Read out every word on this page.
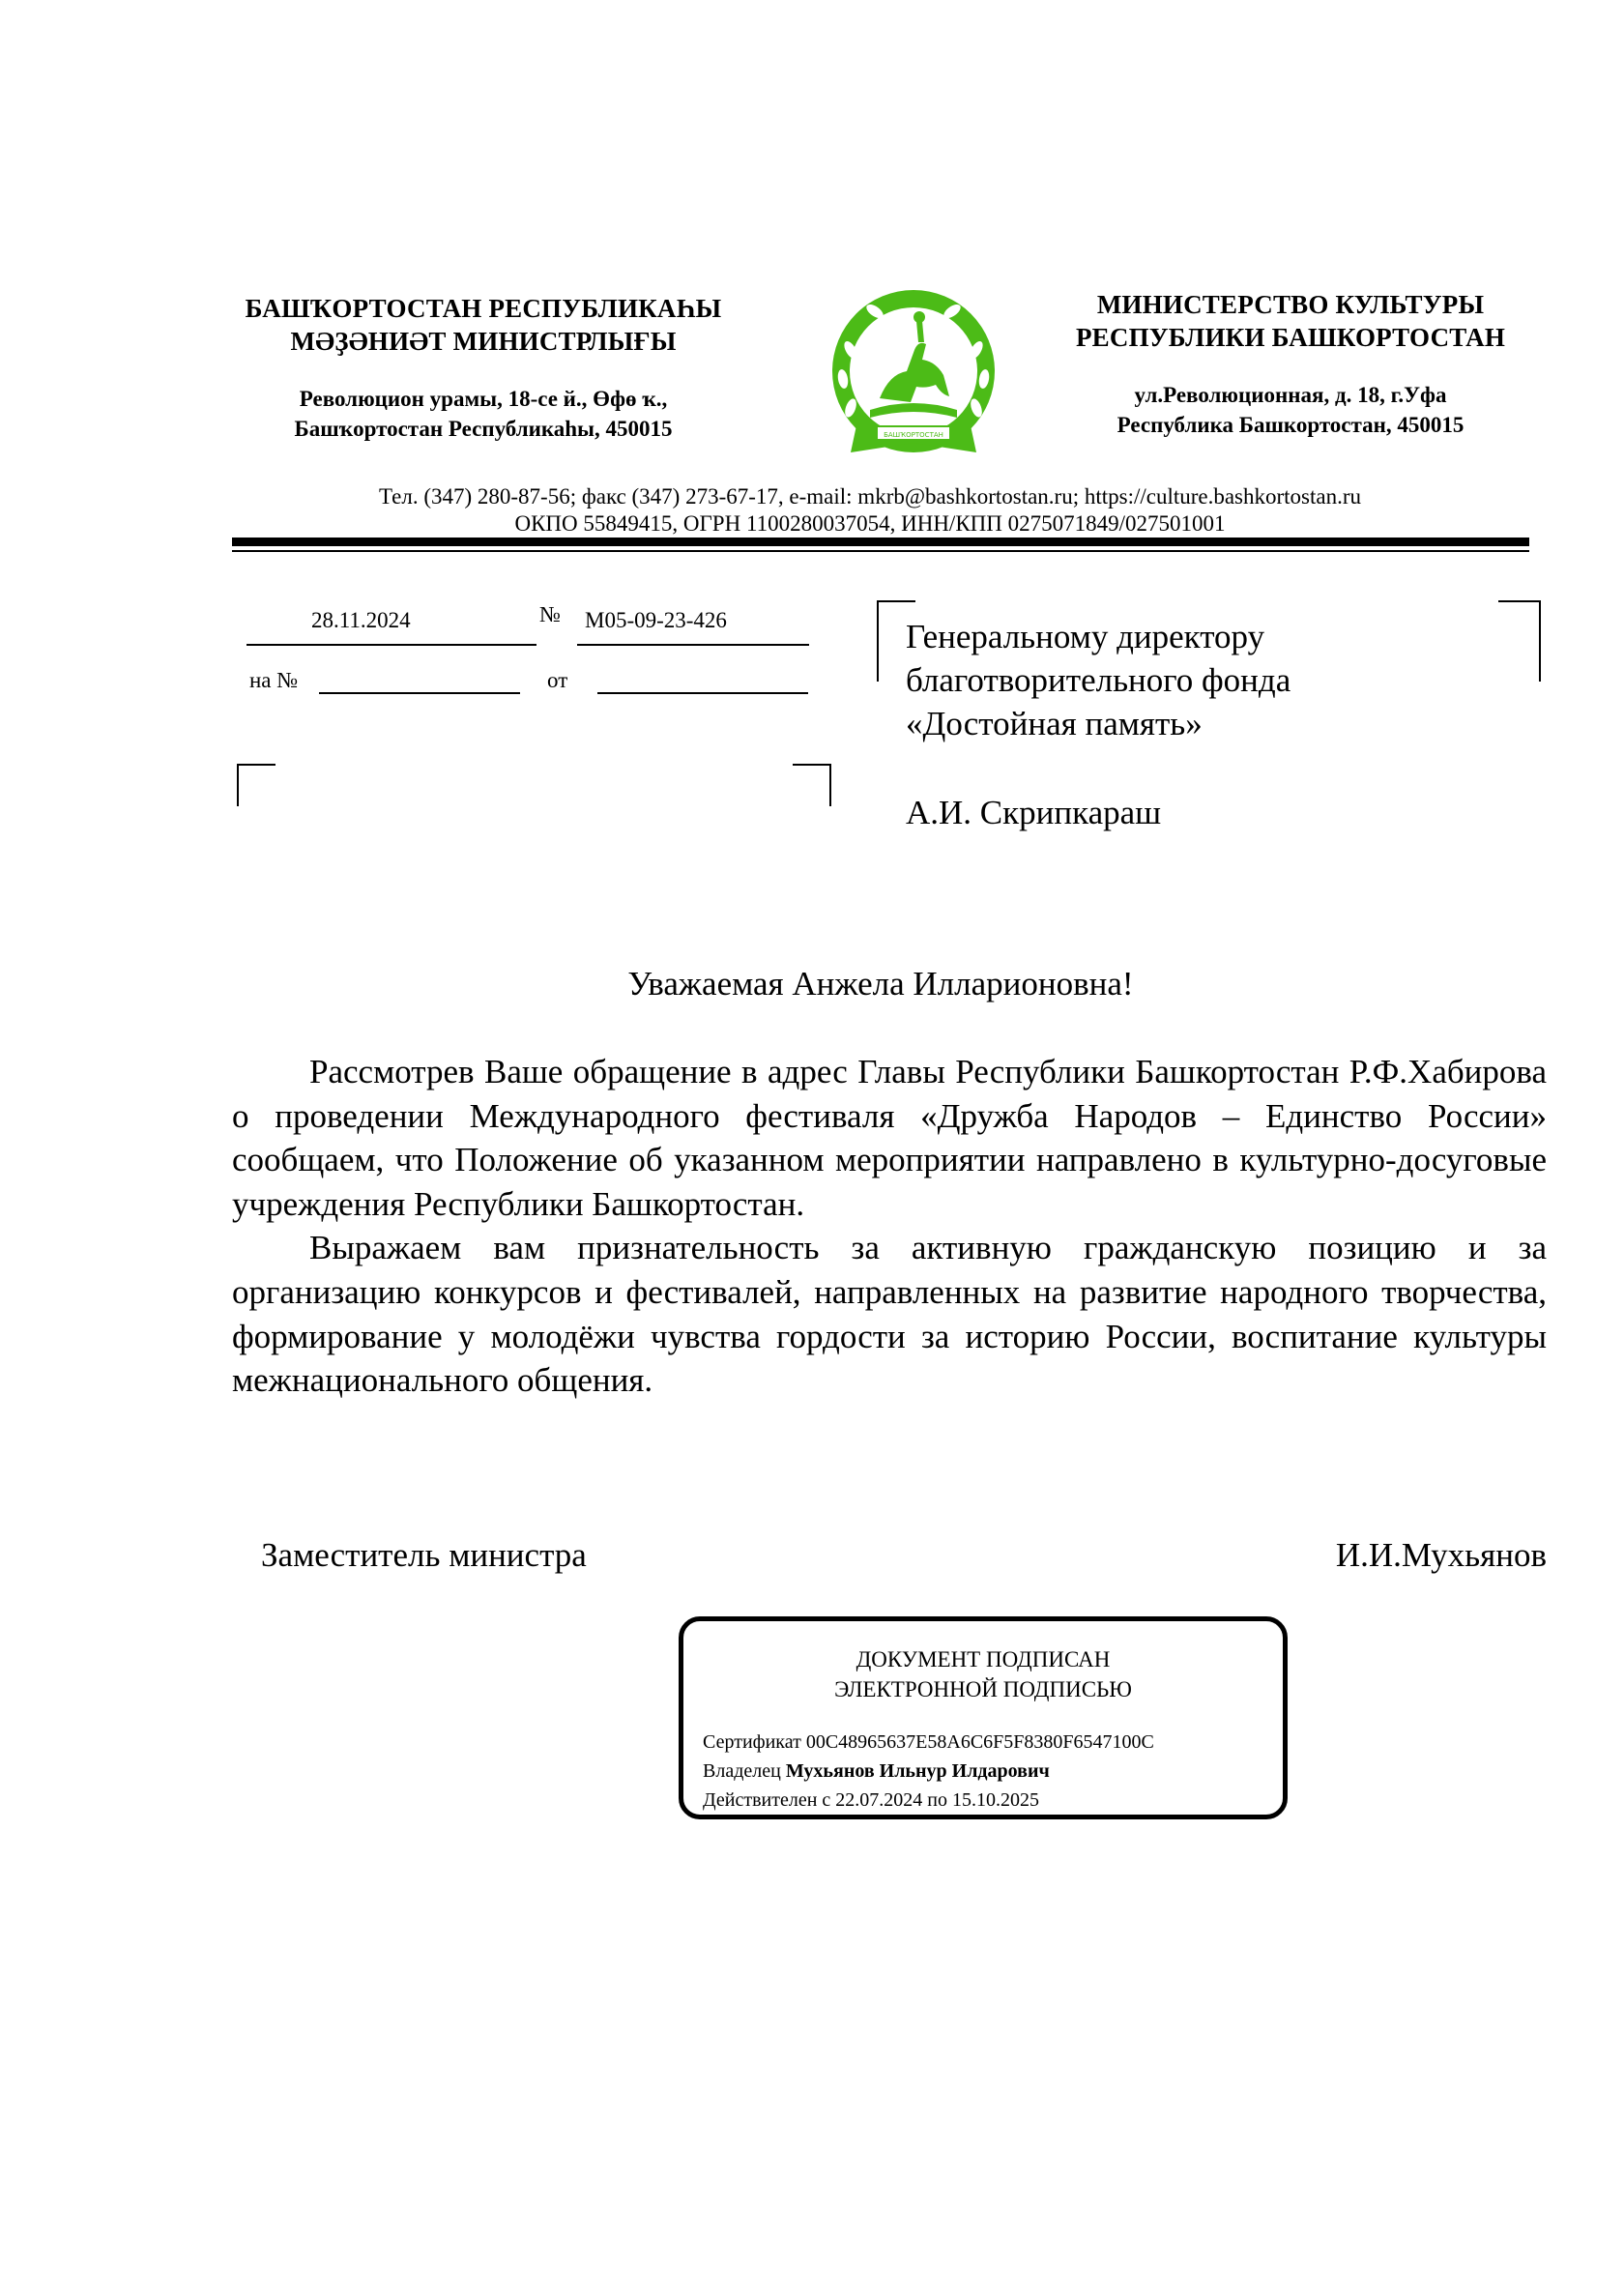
БАШҠОРТОСТАН РЕСПУБЛИКАҺЫ
МӘҘӘНИӘТ МИНИСТРЛЫҒЫ
Революцион урамы, 18-се й., Өфө ҡ.,
Башҡортостан Республикаһы, 450015	БАШҠОРТОСТАН
МИНИСТЕРСТВО КУЛЬТУРЫ
РЕСПУБЛИКИ БАШКОРТОСТАН
ул.Революционная, д. 18, г.Уфа
Республика Башкортостан, 450015
Тел. (347) 280-87-56; факс (347) 273-67-17, e-mail: mkrb@bashkortostan.ru; https://culture.bashkortostan.ru
ОКПО 55849415, ОГРН 1100280037054, ИНН/КПП 0275071849/027501001
28.11.2024	№ М05-09-23-426
на №	от
Генеральному директору
благотворительного фонда
«Достойная память»
А.И. Скрипкараш
Уважаемая Анжела Илларионовна!

Рассмотрев Ваше обращение в адрес Главы Республики Башкортостан Р.Ф.Хабирова о проведении Международного фестиваля «Дружба Народов – Единство России» сообщаем, что Положение об указанном мероприятии направлено в культурно-досуговые учреждения Республики Башкортостан.

Выражаем вам признательность за активную гражданскую позицию и за организацию конкурсов и фестивалей, направленных на развитие народного творчества, формирование у молодёжи чувства гордости за историю России, воспитание культуры межнационального общения.

Заместитель министра	И.И.Мухьянов
ДОКУМЕНТ ПОДПИСАН
ЭЛЕКТРОННОЙ ПОДПИСЬЮ
Сертификат 00C48965637E58A6C6F5F8380F6547100C
Владелец Мухьянов Ильнур Илдарович
Действителен с 22.07.2024 по 15.10.2025
